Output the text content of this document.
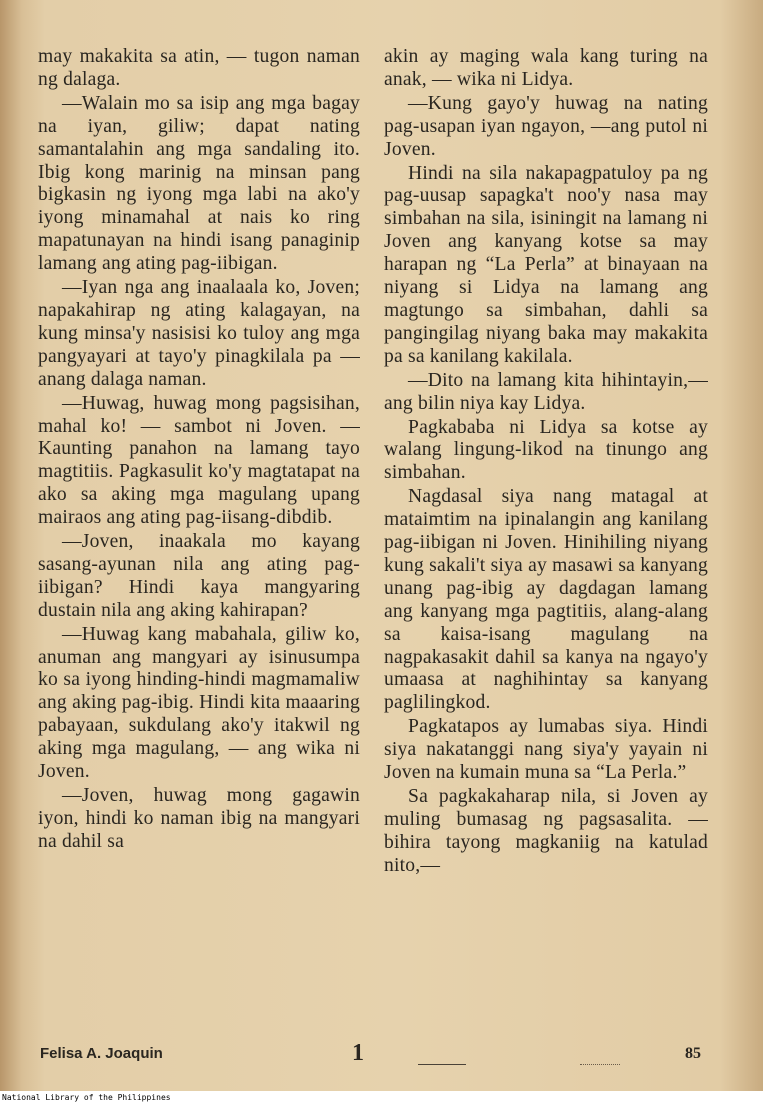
may makakita sa atin, — tugon naman ng dalaga.

—Walain mo sa isip ang mga bagay na iyan, giliw; dapat nating samantalahin ang mga sandaling ito. Ibig kong marinig na minsan pang bigkasin ng iyong mga labi na ako'y iyong minamahal at nais ko ring mapatunayan na hindi isang panaginip lamang ang ating pag-iibigan.

—Iyan nga ang inaalaala ko, Joven; napakahirap ng ating kalagayan, na kung minsa'y nasisisi ko tuloy ang mga pangyayari at tayo'y pinagkilala pa — anang dalaga naman.

—Huwag, huwag mong pagsisihan, mahal ko! — sambot ni Joven. — Kaunting panahon na lamang tayo magtitiis. Pagkasulit ko'y magtatapat na ako sa aking mga magulang upang mairaos ang ating pag-iisang-dibdib.

—Joven, inaakala mo kayang sasang-ayunan nila ang ating pag-iibigan? Hindi kaya mangyaring dustain nila ang aking kahirapan?

—Huwag kang mabahala, giliw ko, anuman ang mangyari ay isinusumpa ko sa iyong hinding-hindi magmamaliw ang aking pag-ibig. Hindi kita maaaring pabayaan, sukdulang ako'y itakwil ng aking mga magulang, — ang wika ni Joven.

—Joven, huwag mong gagawin iyon, hindi ko naman ibig na mangyari na dahil sa

akin ay maging wala kang turing na anak, — wika ni Lidya.

—Kung gayo'y huwag na nating pag-usapan iyan ngayon, —ang putol ni Joven.

Hindi na sila nakapagpatuloy pa ng pag-uusap sapagka't noo'y nasa may simbahan na sila, isiningit na lamang ni Joven ang kanyang kotse sa may harapan ng “La Perla” at binayaan na niyang si Lidya na lamang ang magtungo sa simbahan, dahli sa pangingilag niyang baka may makakita pa sa kanilang kakilala.

—Dito na lamang kita hihintayin,—ang bilin niya kay Lidya.

Pagkababa ni Lidya sa kotse ay walang lingung-likod na tinungo ang simbahan.

Nagdasal siya nang matagal at mataimtim na ipinalangin ang kanilang pag-iibigan ni Joven. Hinihiling niyang kung sakali't siya ay masawi sa kanyang unang pag-ibig ay dagdagan lamang ang kanyang mga pagtitiis, alang-alang sa kaisa-isang magulang na nagpakasakit dahil sa kanya na ngayo'y umaasa at naghihintay sa kanyang paglilingkod.

Pagkatapos ay lumabas siya. Hindi siya nakatanggi nang siya'y yayain ni Joven na kumain muna sa “La Perla.”

Sa pagkakaharap nila, si Joven ay muling bumasag ng pagsasalita. — bihira tayong magkaniig na katulad nito,—

Felisa A. Joaquin	1	85
National Library of the Philippines
